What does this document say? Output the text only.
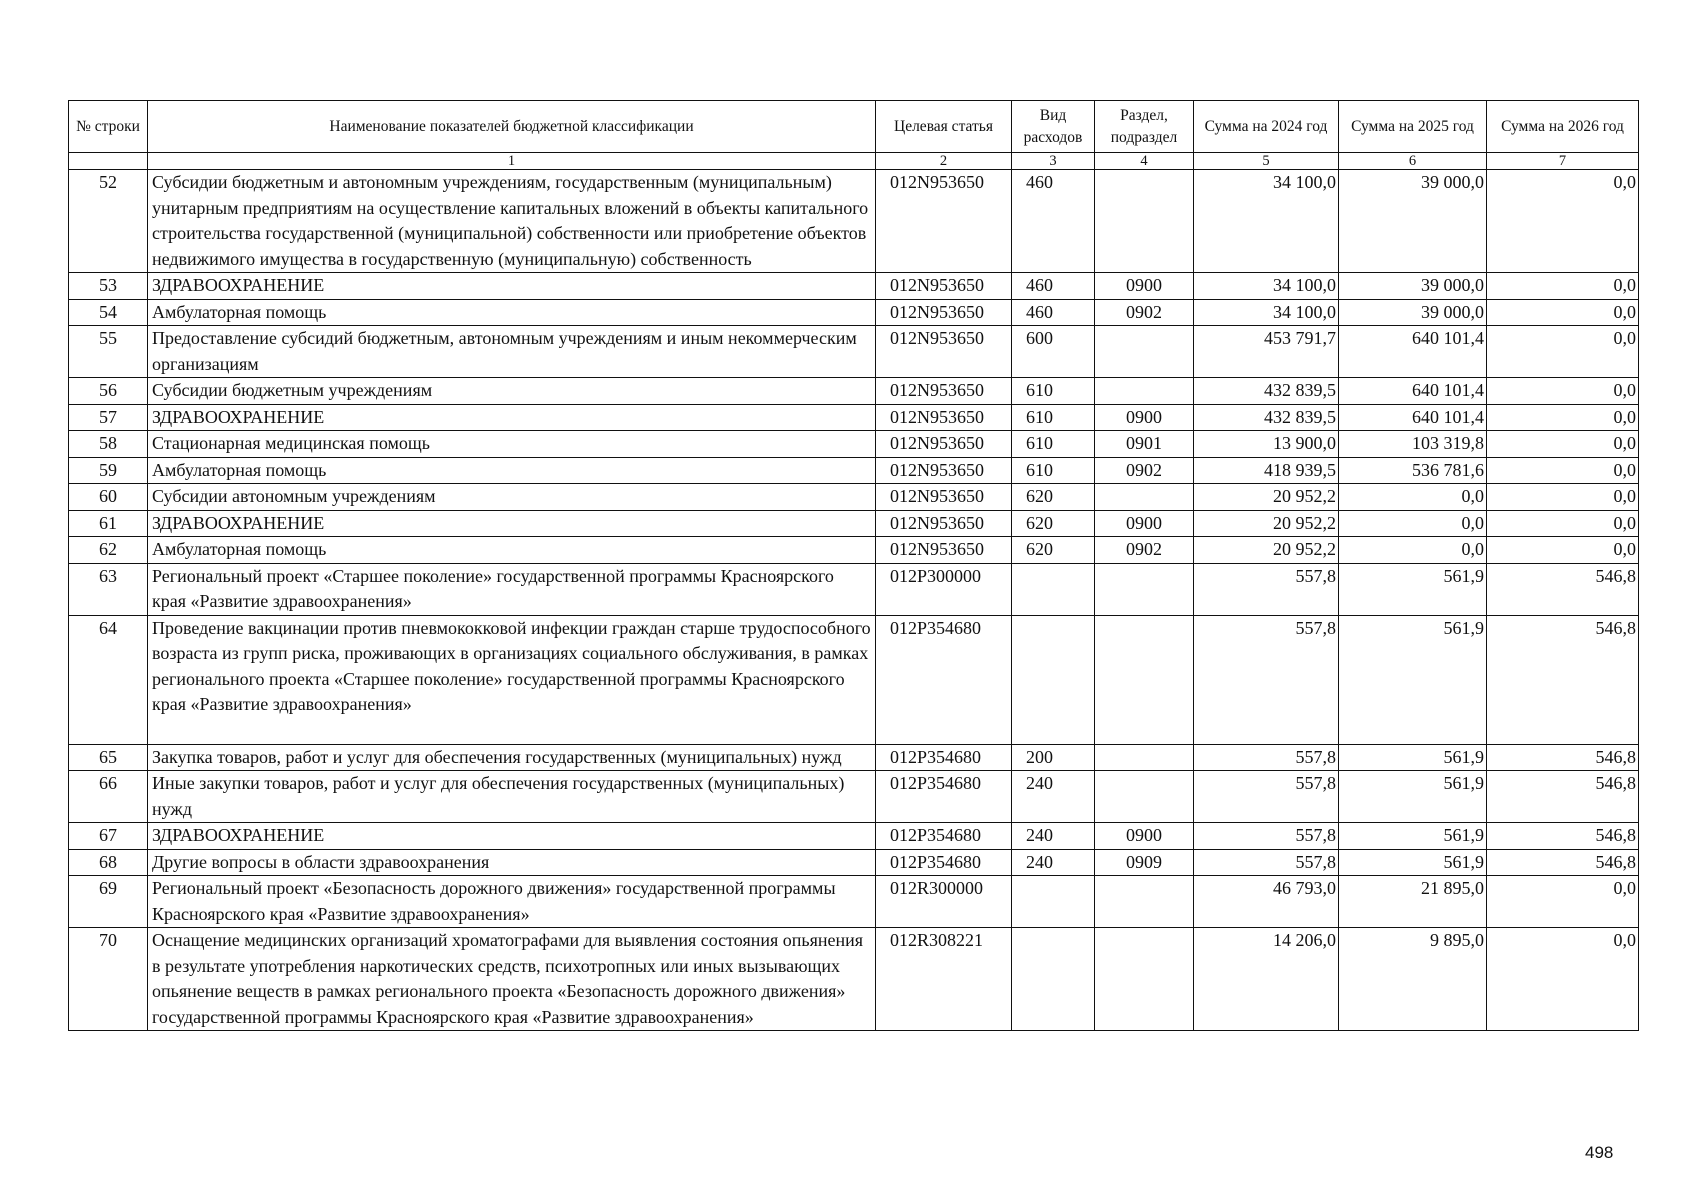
№ строки	Наименование показателей бюджетной классификации	Целевая статья	Вид расходов	Раздел, подраздел	Сумма на 2024 год	Сумма на 2025 год	Сумма на 2026 год
	1	2	3	4	5	6	7
52	Субсидии бюджетным и автономным учреждениям, государственным (муниципальным) унитарным предприятиям на осуществление капитальных вложений в объекты капитального строительства государственной (муниципальной) собственности или приобретение объектов недвижимого имущества в государственную (муниципальную) собственность	012N953650	460		34 100,0	39 000,0	0,0
53	ЗДРАВООХРАНЕНИЕ	012N953650	460	0900	34 100,0	39 000,0	0,0
54	Амбулаторная помощь	012N953650	460	0902	34 100,0	39 000,0	0,0
55	Предоставление субсидий бюджетным, автономным учреждениям и иным некоммерческим организациям	012N953650	600		453 791,7	640 101,4	0,0
56	Субсидии бюджетным учреждениям	012N953650	610		432 839,5	640 101,4	0,0
57	ЗДРАВООХРАНЕНИЕ	012N953650	610	0900	432 839,5	640 101,4	0,0
58	Стационарная медицинская помощь	012N953650	610	0901	13 900,0	103 319,8	0,0
59	Амбулаторная помощь	012N953650	610	0902	418 939,5	536 781,6	0,0
60	Субсидии автономным учреждениям	012N953650	620		20 952,2	0,0	0,0
61	ЗДРАВООХРАНЕНИЕ	012N953650	620	0900	20 952,2	0,0	0,0
62	Амбулаторная помощь	012N953650	620	0902	20 952,2	0,0	0,0
63	Региональный проект «Старшее поколение» государственной программы Красноярского края «Развитие здравоохранения»	012P300000			557,8	561,9	546,8
64	Проведение вакцинации против пневмококковой инфекции граждан старше трудоспособного возраста из групп риска, проживающих в организациях социального обслуживания, в рамках регионального проекта «Старшее поколение» государственной программы Красноярского края «Развитие здравоохранения»	012P354680			557,8	561,9	546,8
65	Закупка товаров, работ и услуг для обеспечения государственных (муниципальных) нужд	012P354680	200		557,8	561,9	546,8
66	Иные закупки товаров, работ и услуг для обеспечения государственных (муниципальных) нужд	012P354680	240		557,8	561,9	546,8
67	ЗДРАВООХРАНЕНИЕ	012P354680	240	0900	557,8	561,9	546,8
68	Другие вопросы в области здравоохранения	012P354680	240	0909	557,8	561,9	546,8
69	Региональный проект «Безопасность дорожного движения» государственной программы Красноярского края «Развитие здравоохранения»	012R300000			46 793,0	21 895,0	0,0
70	Оснащение медицинских организаций хроматографами для выявления состояния опьянения в результате употребления наркотических средств, психотропных или иных вызывающих опьянение веществ в рамках регионального проекта «Безопасность дорожного движения» государственной программы Красноярского края «Развитие здравоохранения»	012R308221			14 206,0	9 895,0	0,0
498
